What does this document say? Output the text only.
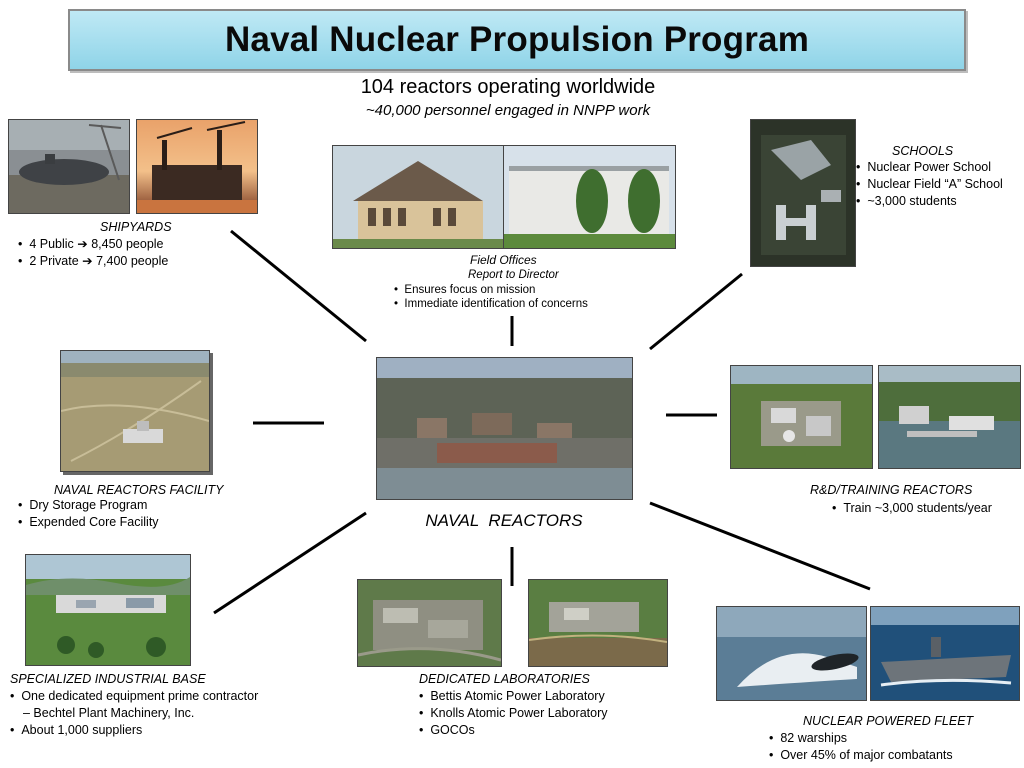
Naval Nuclear Propulsion Program
104 reactors operating worldwide
~40,000 personnel engaged in NNPP work
SHIPYARDS
•  4 Public ➔ 8,450 people
•  2 Private ➔ 7,400 people	Field Offices
Report to Director
•  Ensures focus on mission
•  Immediate identification of concerns
SCHOOLS
•  Nuclear Power School
•  Nuclear Field “A” School
•  ~3,000 students
NAVAL REACTORS FACILITY
•  Dry Storage Program
•  Expended Core Facility	NAVAL  REACTORS
R&D/TRAINING REACTORS
•  Train ~3,000 students/year
SPECIALIZED INDUSTRIAL BASE
•  One dedicated equipment prime contractor
– Bechtel Plant Machinery, Inc.
•  About 1,000 suppliers
DEDICATED LABORATORIES
•  Bettis Atomic Power Laboratory
•  Knolls Atomic Power Laboratory
•  GOCOs
NUCLEAR POWERED FLEET
•  82 warships
•  Over 45% of major combatants
